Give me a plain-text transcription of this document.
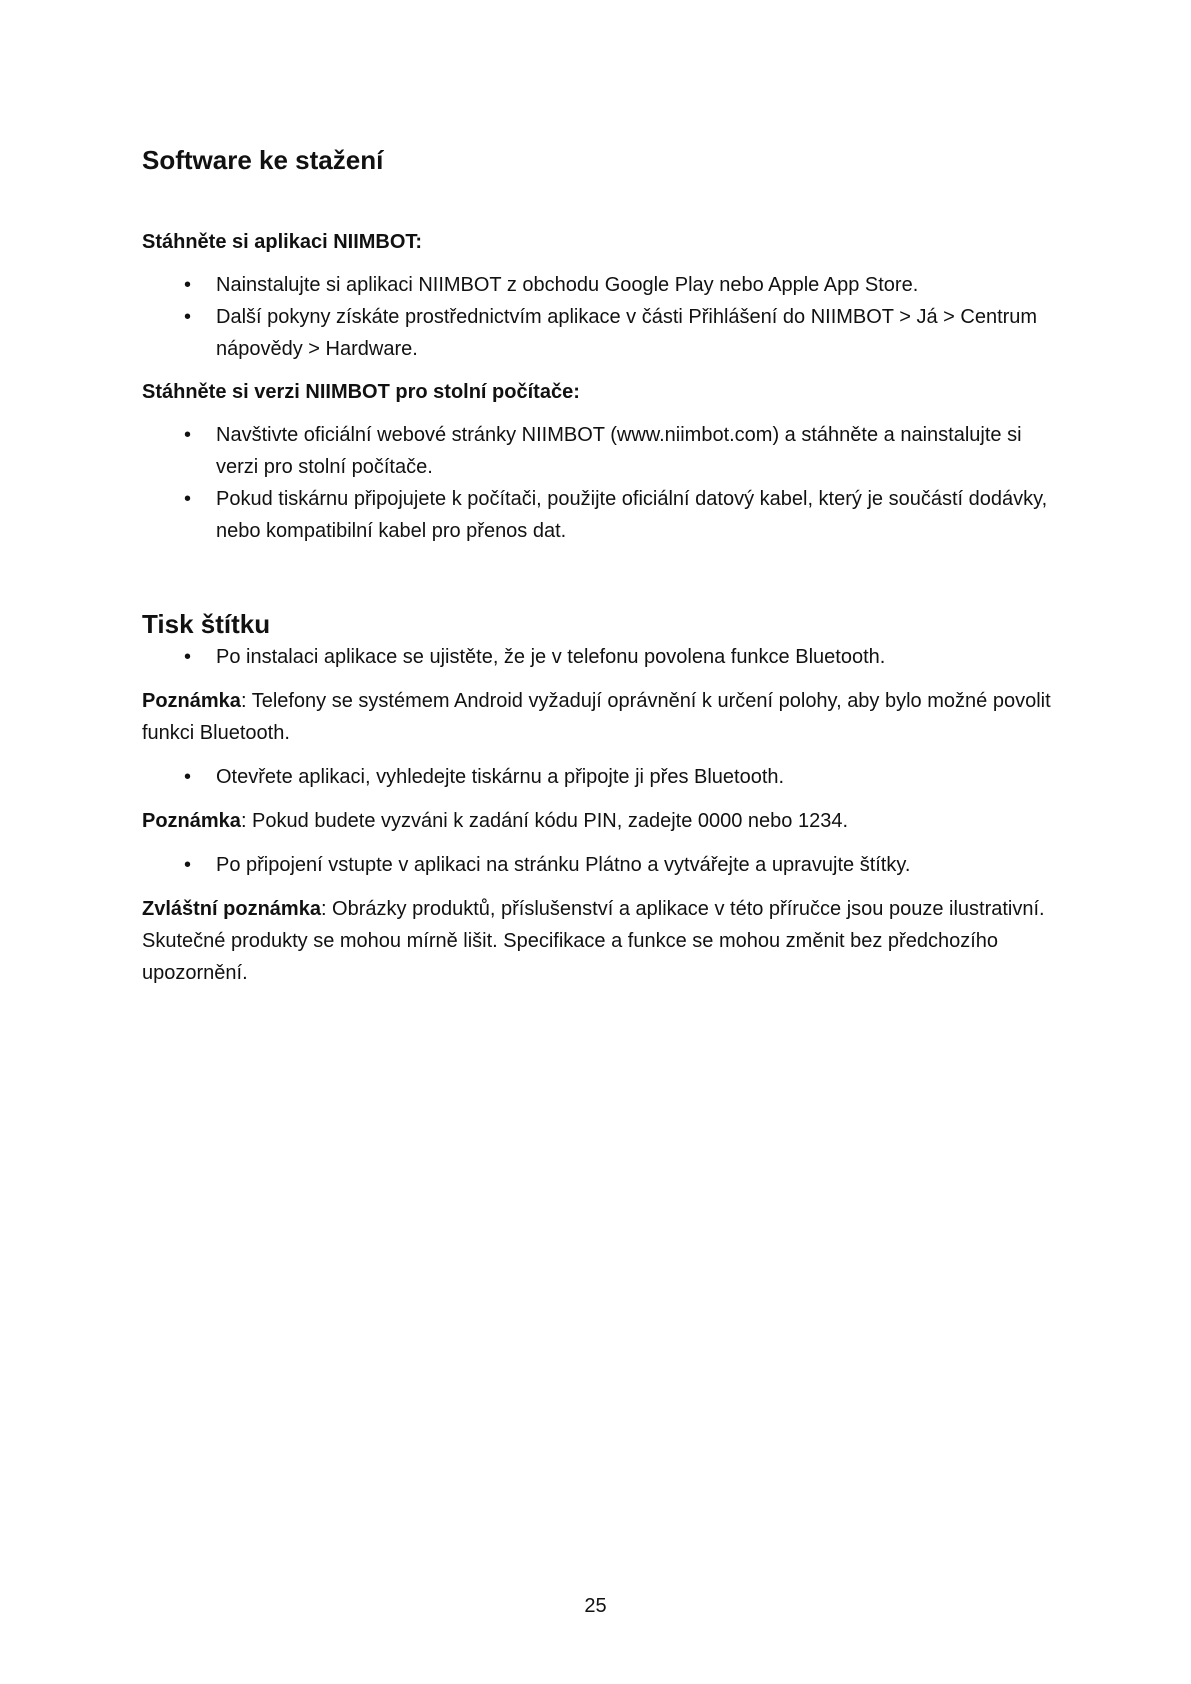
Software ke stažení
Stáhněte si aplikaci NIIMBOT:
• Nainstalujte si aplikaci NIIMBOT z obchodu Google Play nebo Apple App Store.
• Další pokyny získáte prostřednictvím aplikace v části Přihlášení do NIIMBOT > Já > Centrum nápovědy > Hardware.
Stáhněte si verzi NIIMBOT pro stolní počítače:
• Navštivte oficiální webové stránky NIIMBOT (www.niimbot.com) a stáhněte a nainstalujte si verzi pro stolní počítače.
• Pokud tiskárnu připojujete k počítači, použijte oficiální datový kabel, který je součástí dodávky, nebo kompatibilní kabel pro přenos dat.
Tisk štítku
• Po instalaci aplikace se ujistěte, že je v telefonu povolena funkce Bluetooth.

Poznámka: Telefony se systémem Android vyžadují oprávnění k určení polohy, aby bylo možné povolit funkci Bluetooth.

• Otevřete aplikaci, vyhledejte tiskárnu a připojte ji přes Bluetooth.

Poznámka: Pokud budete vyzváni k zadání kódu PIN, zadejte 0000 nebo 1234.

• Po připojení vstupte v aplikaci na stránku Plátno a vytvářejte a upravujte štítky.

Zvláštní poznámka: Obrázky produktů, příslušenství a aplikace v této příručce jsou pouze ilustrativní. Skutečné produkty se mohou mírně lišit. Specifikace a funkce se mohou změnit bez předchozího upozornění.

25
